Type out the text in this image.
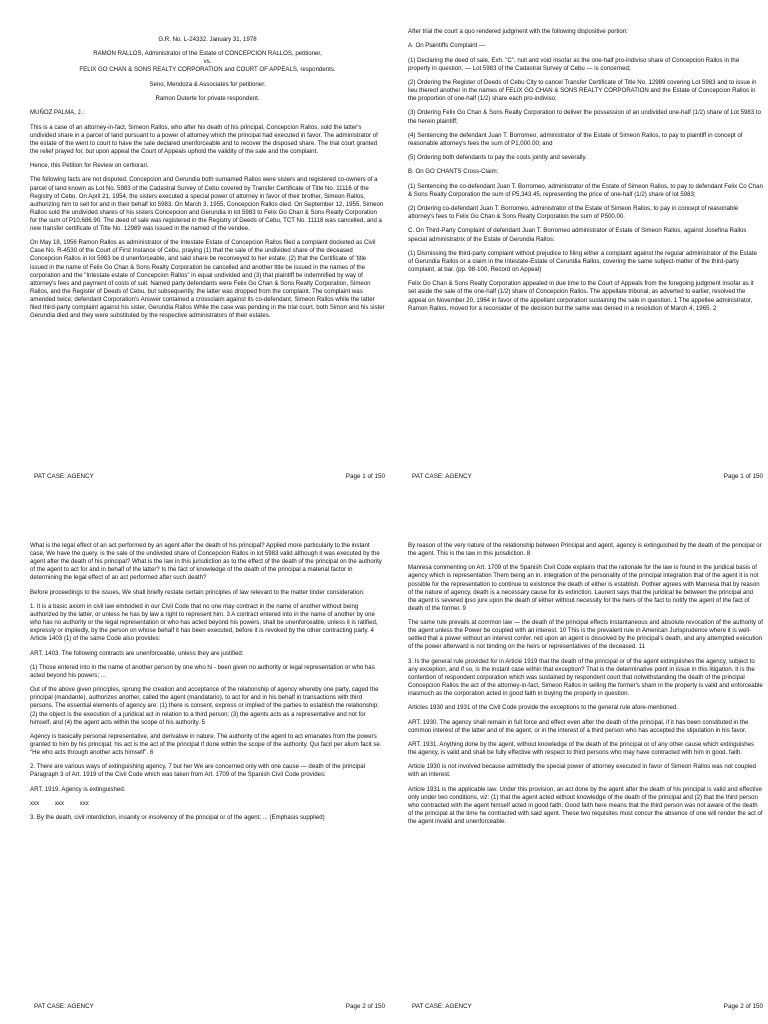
G.R. No. L-24332. January 31, 1978

RAMON RALLOS, Administrator of the Estate of CONCEPCION RALLOS, petitioner,

vs.

FELIX GO CHAN & SONS REALTY CORPORATION and COURT OF APPEALS, respondents.

Seno, Mendoza & Associates for petitioner.

Ramon Duterte for private respondent.

MUÑOZ PALMA, J.:

This is a case of an attorney-in-fact, Simeon Rallos, who after his death of his principal, Concepcion Rallos, sold the latter's undivided share in a parcel of land pursuant to a power of attorney which the principal had executed in favor. The administrator of the estate of the went to court to have the sale declared unenforceable and to recover the disposed share. The trial court granted the relief prayed for, but upon appeal the Court of Appeals uphold the validity of the sale and the complaint.

Hence, this Petition for Review on certiorari.

The following facts are not disputed. Concepcion and Gerundia both surnamed Rallos were sisters and registered co-owners of a parcel of land known as Lot No. 5983 of the Cadastral Survey of Cebu covered by Transfer Certificate of Title No. 11116 of the Registry of Cebu. On April 21, 1954, the sisters executed a special power of attorney in favor of their brother, Simeon Rallos, authorizing him to sell for and in their behalf lot 5983. On March 3, 1955, Concepcion Rallos died. On September 12, 1955, Simeon Rallos sold the undivided shares of his sisters Concepcion and Gerundia in lot 5983 to Felix Go Chan & Sons Realty Corporation for the sum of P10,686.90. The deed of sale was registered in the Registry of Deeds of Cebu, TCT No. 11118 was cancelled, and a new transfer certificate of Title No. 12989 was issued in the named of the vendee.

On May 18, 1956 Ramon Rallos as administrator of the Intestate Estate of Concepcion Rallos filed a complaint docketed as Civil Case No. R-4530 of the Court of First Instance of Cebu, praying (1) that the sale of the undivided share of the deceased Concepcion Rallos in lot 5983 be d unenforceable, and said share be reconveyed to her estate; (2) that the Certificate of 'title issued in the name of Felix Go Chan & Sons Realty Corporation be cancelled and another title be issued in the names of the corporation and the "Intestate estate of Concepcion Rallos" in equal undivided and (3) that plaintiff be indemnified by way of attorney's fees and payment of costs of suit. Named party defendants were Felix Go Chan & Sons Realty Corporation, Simeon Rallos, and the Register of Deeds of Cebu, but subsequently, the latter was dropped from the complaint. The complaint was amended twice; defendant Corporation's Answer contained a crossclaim against its co-defendant, Simeon Rallos while the latter filed third-party complaint against his sister, Gerundia Rallos While the case was pending in the trial court, both Simon and his sister Gerundia died and they were substituted by the respective administrators of their estates.

PAT CASE: AGENCY	Page 1 of 150

After trial the court a quo rendered judgment with the following dispositive portion:

A. On Plaintiffs Complaint —

(1) Declaring the deed of sale, Exh. "C", null and void insofar as the one-half pro-indiviso share of Concepcion Rallos in the property in question, — Lot 5983 of the Cadastral Survey of Cebu — is concerned;

(2) Ordering the Register of Deeds of Cebu City to cancel Transfer Certificate of Title No. 12989 covering Lot 5983 and to issue in lieu thereof another in the names of FELIX GO CHAN & SONS REALTY CORPORATION and the Estate of Concepcion Rallos in the proportion of one-half (1/2) share each pro-indiviso;

(3) Ordering Felix Go Chan & Sons Realty Corporation to deliver the possession of an undivided one-half (1/2) share of Lot 5983 to the herein plaintiff;

(4) Sentencing the defendant Juan T. Borromeo, administrator of the Estate of Simeon Rallos, to pay to plaintiff in concept of reasonable attorney's fees the sum of P1,000.00; and

(5) Ordering both defendants to pay the costs jointly and severally.

B. On GO CHANTS Cross-Claim:

(1) Sentencing the co-defendant Juan T. Borromeo, administrator of the Estate of Simeon Rallos, to pay to defendant Felix Co Chan & Sons Realty Corporation the sum of P5,343.45, representing the price of one-half (1/2) share of lot 5983;

(2) Ordering co-defendant Juan T. Borromeo, administrator of the Estate of Simeon Rallos, to pay in concept of reasonable attorney's fees to Felix Go Chan & Sons Realty Corporation the sum of P500.00.

C. On Third-Party Complaint of defendant Juan T. Borromeo administrator of Estate of Simeon Rallos, against Josefina Rallos special administratrix of the Estate of Gerundia Rallos:

(1) Dismissing the third-party complaint without prejudice to filing either a complaint against the regular administrator of the Estate of Gerundia Rallos or a claim in the Intestate-Estate of Cerundia Rallos, covering the same subject-matter of the third-party complaint, at bar. (pp. 98-100, Record on Appeal)

Felix Go Chan & Sons Realty Corporation appealed in due time to the Court of Appeals from the foregoing judgment insofar as it set aside the sale of the one-half (1/2) share of Concepcion Rallos. The appellate tribunal, as adverted to earlier, resolved the appeal on November 20, 1964 in favor of the appellant corporation sustaining the sale in question. 1 The appellee administrator, Ramon Rallos, moved for a reconsider of the decision but the same was denied in a resolution of March 4, 1965. 2

PAT CASE: AGENCY	Page 1 of 150

What is the legal effect of an act performed by an agent after the death of his principal? Applied more particularly to the instant case, We have the query. is the sale of the undivided share of Concepcion Rallos in lot 5983 valid although it was executed by the agent after the death of his principal? What is the law in this jurisdiction as to the effect of the death of the principal on the authority of the agent to act for and in behalf of the latter? Is the fact of knowledge of the death of the principal a material factor in determining the legal effect of an act performed after such death?

Before proceedings to the issues, We shall briefly restate certain principles of law relevant to the matter tinder consideration.

1. It is a basic axiom in civil law embodied in our Civil Code that no one may contract in the name of another without being authorized by the latter, or unless he has by law a right to represent him. 3 A contract entered into in the name of another by one who has no authority or the legal representation or who has acted beyond his powers, shall be unenforceable, unless it is ratified, expressly or impliedly, by the person on whose behalf it has been executed, before it is revoked by the other contracting party. 4 Article 1403 (1) of the same Code also provides:

ART. 1403. The following contracts are unenforceable, unless they are justified:

(1) Those entered into in the name of another person by one who hi - been given no authority or legal representation or who has acted beyond his powers; ...

Out of the above given principles, sprung the creation and acceptance of the relationship of agency whereby one party, caged the principal (mandante), authorizes another, called the agent (mandatario), to act for and in his behalf in transactions with third persons. The essential elements of agency are: (1) there is consent, express or implied of the parties to establish the relationship; (2) the object is the execution of a juridical act in relation to a third person; (3) the agents acts as a representative and not for himself, and (4) the agent acts within the scope of his authority. 5

Agency is basically personal representative, and derivative in nature. The authority of the agent to act emanates from the powers granted to him by his principal; his act is the act of the principal if done within the scope of the authority. Qui facit per alium facit se. "He who acts through another acts himself". 6

2. There are various ways of extinguishing agency, 7 but her We are concerned only with one cause — death of the principal Paragraph 3 of Art. 1919 of the Civil Code which was taken from Art. 1709 of the Spanish Civil Code provides:

ART. 1919. Agency is extinguished.

xxx	xxx	xxx

3. By the death, civil interdiction, insanity or insolvency of the principal or of the agent; ... (Emphasis supplied)

PAT CASE: AGENCY	Page 2 of 150

By reason of the very nature of the relationship between Principal and agent, agency is extinguished by the death of the principal or the agent. This is the law in this jurisdiction. 8

Manresa commenting on Art. 1709 of the Spanish Civil Code explains that the rationale for the law is found in the juridical basis of agency which is representation Them being an in. integration of the personality of the principal integration that of the agent it is not possible for the representation to continue to existonce the death of either is establish. Pothier agrees with Manresa that by reason of the nature of agency, death is a necessary cause for its extinction. Laurent says that the juridical tie between the principal and the agent is severed ipso jure upon the death of either without necessity for the heirs of the fact to notify the agent of the fact of death of the former. 9

The same rule prevails at common law — the death of the principal effects instantaneous and absolute revocation of the authority of the agent unless the Power be coupled with an interest. 10 This is the prevalent rule in American Jurisprudence where it is well-settled that a power without an interest confer. red upon an agent is dissolved by the principal's death, and any attempted execution of the power afterward is not binding on the heirs or representatives of the deceased. 11

3. Is the general rule provided for in Article 1919 that the death of the principal or of the agent extinguishes the agency, subject to any exception, and if so, is the instant case within that exception? That is the determinative point in issue in this litigation. It is the contention of respondent corporation which was sustained by respondent court that notwithstanding the death of the principal Concepcion Rallos the act of the attorney-in-fact, Simeon Rallos in selling the former's sham in the property is valid and enforceable inasmuch as the corporation acted in good faith in buying the property in question.

Articles 1930 and 1931 of the Civil Code provide the exceptions to the general rule afore-mentioned.

ART. 1930. The agency shall remain in full force and effect even after the death of the principal, if it has been constituted in the common interest of the latter and of the agent, or in the interest of a third person who has accepted the stipulation in his favor.

ART. 1931. Anything done by the agent, without knowledge of the death of the principal or of any other cause which extinguishes the agency, is valid and shall be fully effective with respect to third persons who may have contracted with him in good. faith.

Article 1930 is not involved because admittedly the special power of attorney executed in favor of Simeon Rallos was not coupled with an interest.

Article 1931 is the applicable law. Under this provision, an act done by the agent after the death of his principal is valid and effective only under two conditions, viz: (1) that the agent acted without knowledge of the death of the principal and (2) that the third person who contracted with the agent himself acted in good faith. Good faith here means that the third person was not aware of the death of the principal at the time he contracted with said agent. These two requisites must concur the absence of one will render the act of the agent invalid and unenforceable.

PAT CASE: AGENCY	Page 2 of 150
